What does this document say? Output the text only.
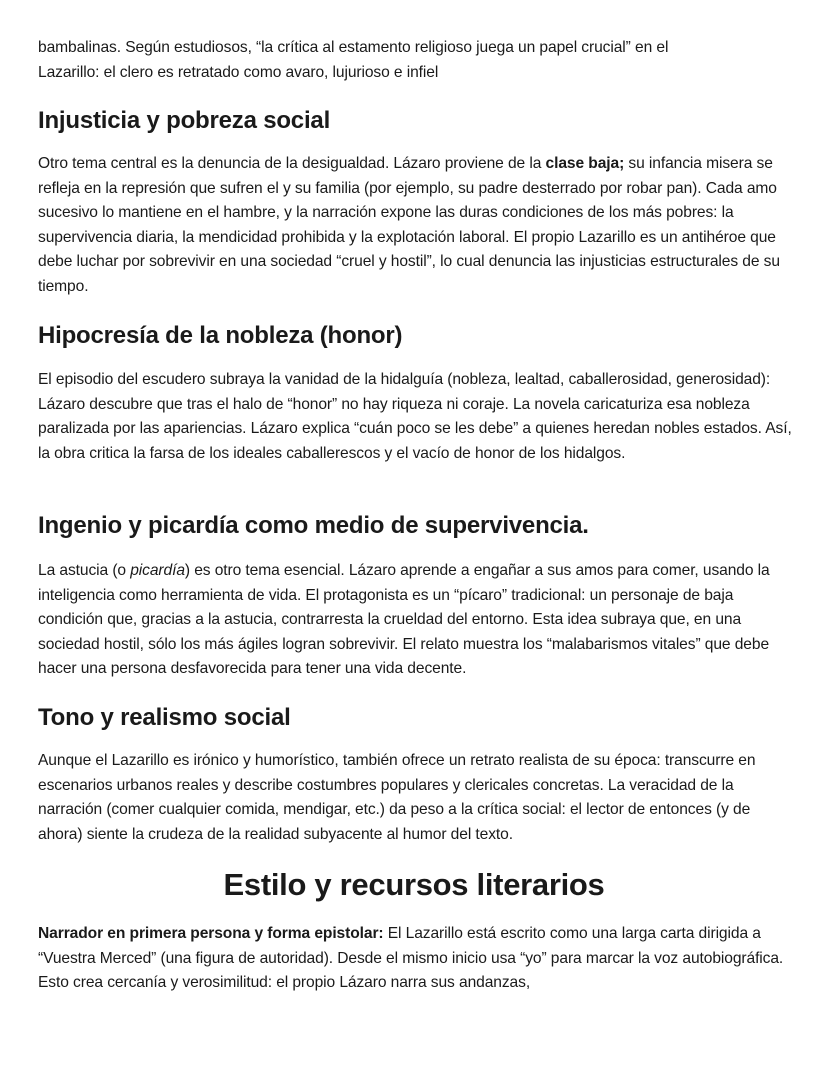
bambalinas. Según estudiosos, “la crítica al estamento religioso juega un papel crucial” en el
Lazarillo: el clero es retratado como avaro, lujurioso e infiel

Injusticia y pobreza social

Otro tema central es la denuncia de la desigualdad. Lázaro proviene de la clase baja; su infancia misera se refleja en la represión que sufren el y su familia (por ejemplo, su padre desterrado por robar pan). Cada amo sucesivo lo mantiene en el hambre, y la narración expone las duras condiciones de los más pobres: la supervivencia diaria, la mendicidad prohibida y la explotación laboral. El propio Lazarillo es un antihéroe que debe luchar por sobrevivir en una sociedad “cruel y hostil”, lo cual denuncia las injusticias estructurales de su tiempo.

Hipocresía de la nobleza (honor)

El episodio del escudero subraya la vanidad de la hidalguía (nobleza, lealtad, caballerosidad, generosidad): Lázaro descubre que tras el halo de “honor” no hay riqueza ni coraje. La novela caricaturiza esa nobleza paralizada por las apariencias. Lázaro explica “cuán poco se les debe” a quienes heredan nobles estados. Así, la obra critica la farsa de los ideales caballerescos y el vacío de honor de los hidalgos.

Ingenio y picardía como medio de supervivencia.

La astucia (o picardía) es otro tema esencial. Lázaro aprende a engañar a sus amos para comer, usando la inteligencia como herramienta de vida. El protagonista es un “pícaro” tradicional: un personaje de baja condición que, gracias a la astucia, contrarresta la crueldad del entorno. Esta idea subraya que, en una sociedad hostil, sólo los más ágiles logran sobrevivir. El relato muestra los “malabarismos vitales” que debe hacer una persona desfavorecida para tener una vida decente.

Tono y realismo social

Aunque el Lazarillo es irónico y humorístico, también ofrece un retrato realista de su época: transcurre en escenarios urbanos reales y describe costumbres populares y clericales concretas. La veracidad de la narración (comer cualquier comida, mendigar, etc.) da peso a la crítica social: el lector de entonces (y de ahora) siente la crudeza de la realidad subyacente al humor del texto.

Estilo y recursos literarios

Narrador en primera persona y forma epistolar: El Lazarillo está escrito como una larga carta dirigida a “Vuestra Merced” (una figura de autoridad). Desde el mismo inicio usa “yo” para marcar la voz autobiográfica. Esto crea cercanía y verosimilitud: el propio Lázaro narra sus andanzas,
